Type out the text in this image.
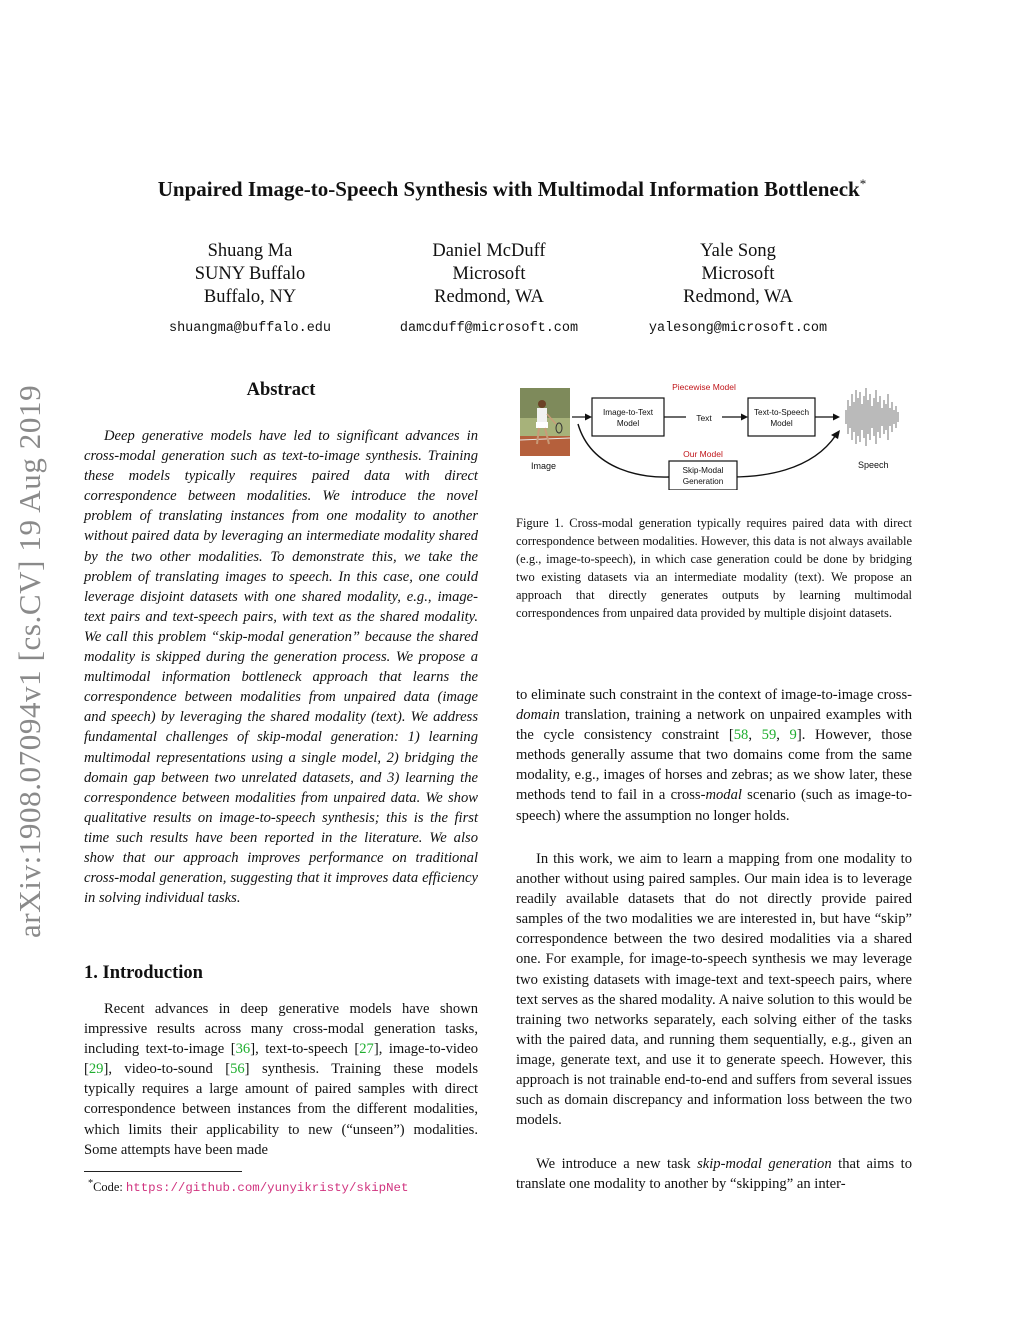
Unpaired Image-to-Speech Synthesis with Multimodal Information Bottleneck*
Shuang Ma
SUNY Buffalo
Buffalo, NY
shuangma@buffalo.edu
Daniel McDuff
Microsoft
Redmond, WA
damcduff@microsoft.com
Yale Song
Microsoft
Redmond, WA
yalesong@microsoft.com
arXiv:1908.07094v1 [cs.CV] 19 Aug 2019	Abstract
Deep generative models have led to significant advances in cross-modal generation such as text-to-image synthesis. Training these models typically requires paired data with direct correspondence between modalities. We introduce the novel problem of translating instances from one modality to another without paired data by leveraging an intermediate modality shared by the two other modalities. To demonstrate this, we take the problem of translating images to speech. In this case, one could leverage disjoint datasets with one shared modality, e.g., image-text pairs and text-speech pairs, with text as the shared modality. We call this problem “skip-modal generation” because the shared modality is skipped during the generation process. We propose a multimodal information bottleneck approach that learns the correspondence between modalities from unpaired data (image and speech) by leveraging the shared modality (text). We address fundamental challenges of skip-modal generation: 1) learning multimodal representations using a single model, 2) bridging the domain gap between two unrelated datasets, and 3) learning the correspondence between modalities from unpaired data. We show qualitative results on image-to-speech synthesis; this is the first time such results have been reported in the literature. We also show that our approach improves performance on traditional cross-modal generation, suggesting that it improves data efficiency in solving individual tasks.
1. Introduction

Recent advances in deep generative models have shown impressive results across many cross-modal generation tasks, including text-to-image [36], text-to-speech [27], image-to-video [29], video-to-sound [56] synthesis. Training these models typically requires a large amount of paired samples with direct correspondence between instances from the different modalities, which limits their applicability to new (“unseen”) modalities. Some attempts have been made

*Code: https://github.com/yunyikristy/skipNet
Image
Piecewise Model
Image-to-Text
Model
Text
Text-to-Speech
Model
Our Model
Skip-Modal
Generation
Speech
Figure 1. Cross-modal generation typically requires paired data with direct correspondence between modalities. However, this data is not always available (e.g., image-to-speech), in which case generation could be done by bridging two existing datasets via an intermediate modality (text). We propose an approach that directly generates outputs by learning multimodal correspondences from unpaired data provided by multiple disjoint datasets.

to eliminate such constraint in the context of image-to-image cross-domain translation, training a network on unpaired examples with the cycle consistency constraint [58, 59, 9]. However, those methods generally assume that two domains come from the same modality, e.g., images of horses and zebras; as we show later, these methods tend to fail in a cross-modal scenario (such as image-to-speech) where the assumption no longer holds.

In this work, we aim to learn a mapping from one modality to another without using paired samples. Our main idea is to leverage readily available datasets that do not directly provide paired samples of the two modalities we are interested in, but have “skip” correspondence between the two desired modalities via a shared one. For example, for image-to-speech synthesis we may leverage two existing datasets with image-text and text-speech pairs, where text serves as the shared modality. A naive solution to this would be training two networks separately, each solving either of the tasks with the paired data, and running them sequentially, e.g., given an image, generate text, and use it to generate speech. However, this approach is not trainable end-to-end and suffers from several issues such as domain discrepancy and information loss between the two models.

We introduce a new task skip-modal generation that aims to translate one modality to another by “skipping” an inter-
